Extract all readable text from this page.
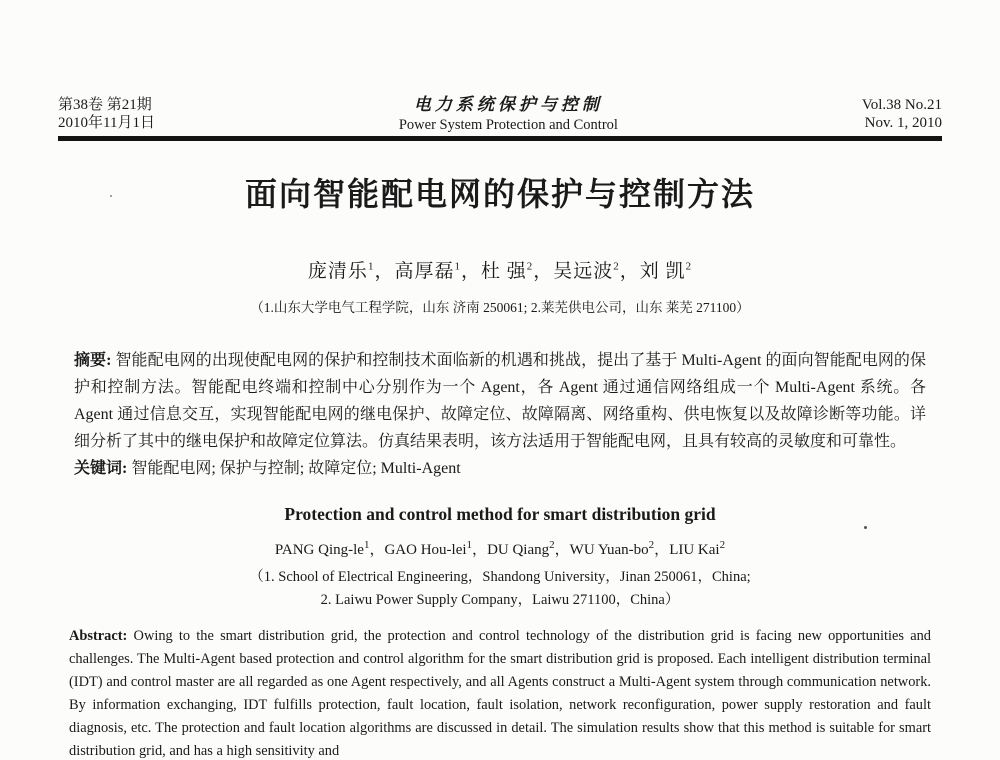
第38卷 第21期
2010年11月1日
电力系统保护与控制
Power System Protection and Control
Vol.38 No.21
Nov. 1, 2010
面向智能配电网的保护与控制方法
庞清乐$^1$，高厚磊$^1$，杜 强$^2$，吴远波$^2$，刘 凯$^2$
（1.山东大学电气工程学院，山东 济南 250061; 2.莱芜供电公司，山东 莱芜 271100）

摘要: 智能配电网的出现使配电网的保护和控制技术面临新的机遇和挑战，提出了基于 Multi-Agent 的面向智能配电网的保护和控制方法。智能配电终端和控制中心分别作为一个 Agent，各 Agent 通过通信网络组成一个 Multi-Agent 系统。各 Agent 通过信息交互，实现智能配电网的继电保护、故障定位、故障隔离、网络重构、供电恢复以及故障诊断等功能。详细分析了其中的继电保护和故障定位算法。仿真结果表明，该方法适用于智能配电网，且具有较高的灵敏度和可靠性。

关键词: 智能配电网; 保护与控制; 故障定位; Multi-Agent

Protection and control method for smart distribution grid
PANG Qing-$le^1$，GAO Hou-lei$^1$，DU Qiang$^2$，WU Yuan-$bo^2$，LIU Kai$^2$
（1. School of Electrical Engineering，Shandong University，Jinan 250061，China;
2. Laiwu Power Supply Company，Laiwu 271100，China）

Abstract: Owing to the smart distribution grid, the protection and control technology of the distribution grid is facing new opportunities and challenges. The Multi-Agent based protection and control algorithm for the smart distribution grid is proposed. Each intelligent distribution terminal (IDT) and control master are all regarded as one Agent respectively, and all Agents construct a Multi-Agent system through communication network. By information exchanging, IDT fulfills protection, fault location, fault isolation, network reconfiguration, power supply restoration and fault diagnosis, etc. The protection and fault location algorithms are discussed in detail. The simulation results show that this method is suitable for smart distribution grid, and has a high sensitivity and
